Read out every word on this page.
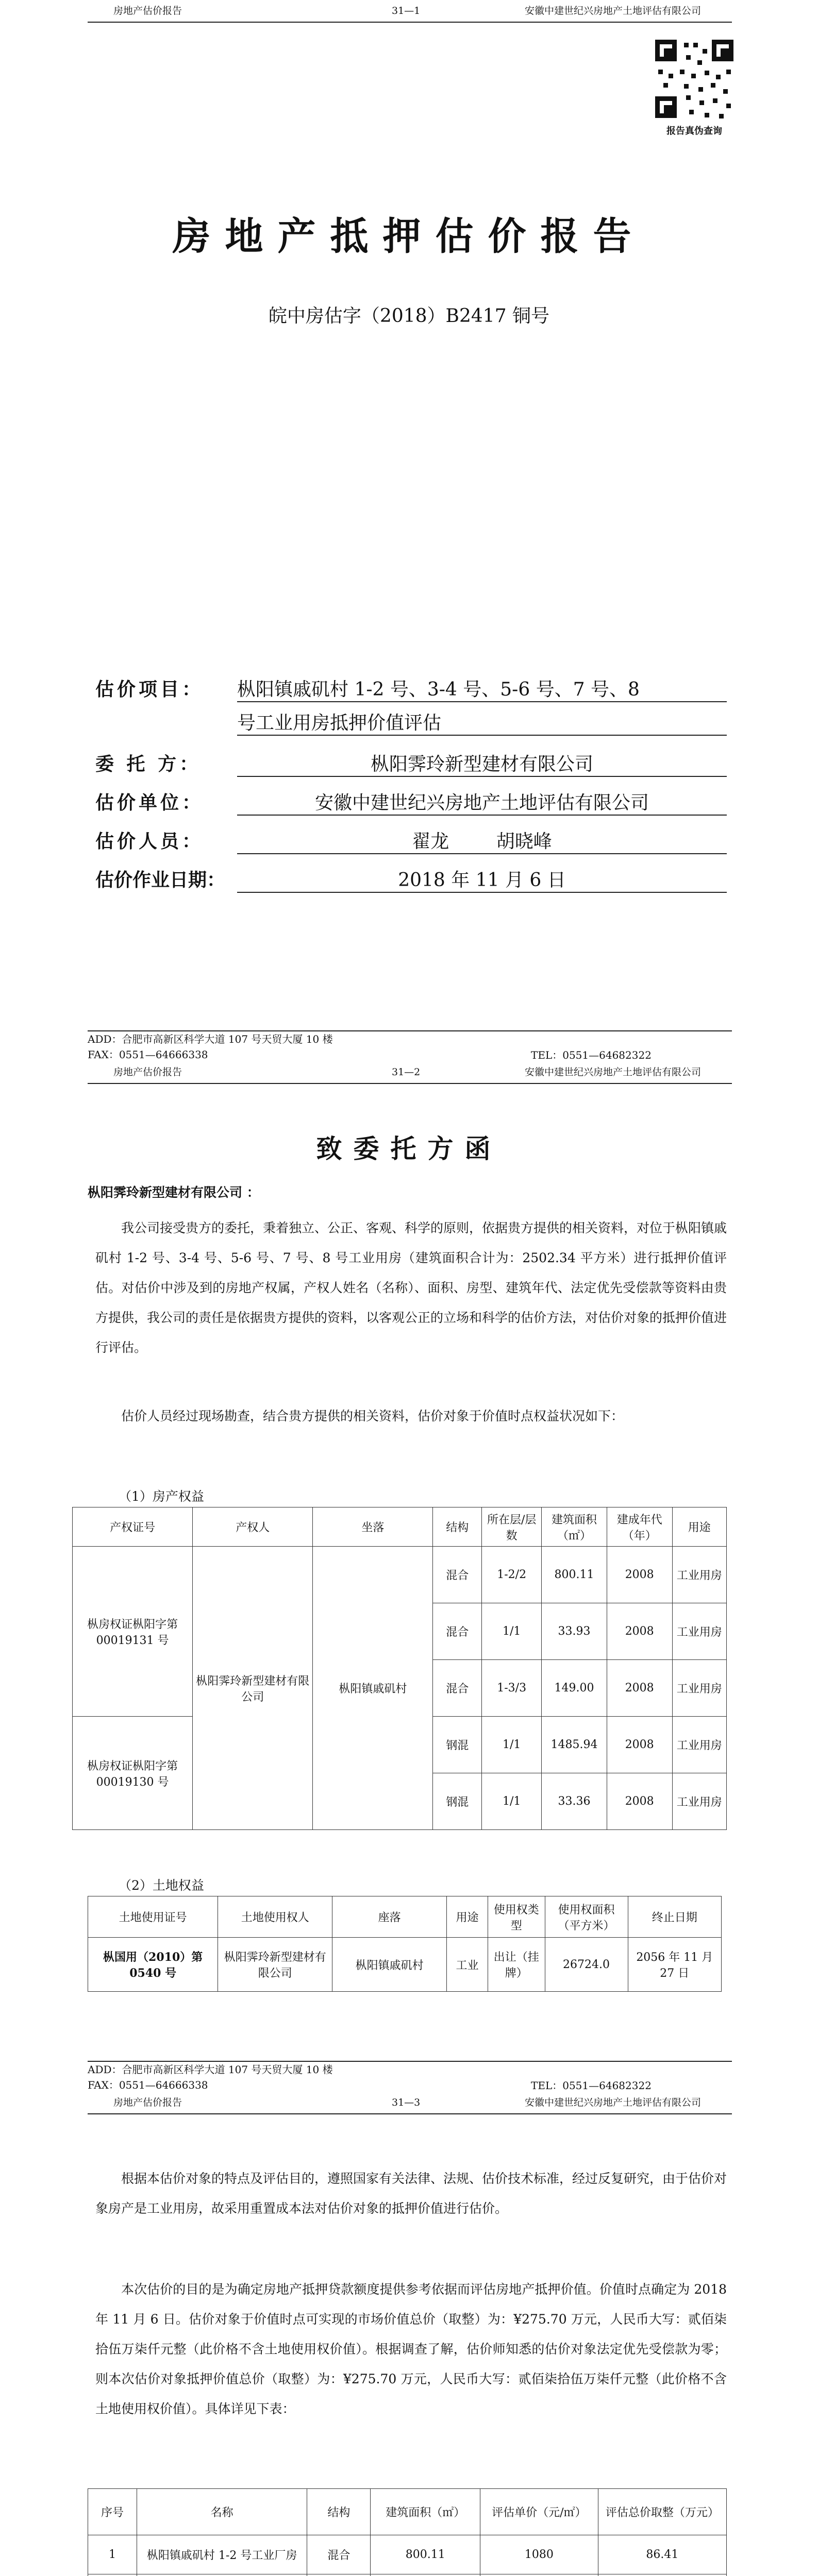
房地产估价报告	31—1	安徽中建世纪兴房地产土地评估有限公司
报告真伪查询
房地产抵押估价报告
皖中房估字（2018）B2417 铜号
估价项目： 枞阳镇戚矶村 1-2 号、3-4 号、5-6 号、7 号、8
号工业用房抵押价值评估
委 托 方：	枞阳霁玲新型建材有限公司
估价单位：	安徽中建世纪兴房地产土地评估有限公司
估价人员：	翟龙        胡晓峰
估价作业日期：	2018 年 11 月 6 日
ADD：合肥市高新区科学大道 107 号天贸大厦 10 楼
FAX：0551—64666338	TEL：0551—64682322
房地产估价报告	31—2	安徽中建世纪兴房地产土地评估有限公司
致委托方函
枞阳霁玲新型建材有限公司 ：
我公司接受贵方的委托，秉着独立、公正、客观、科学的原则，依据贵方提供的相关资料，对位于枞阳镇戚矶村 1-2 号、3-4 号、5-6 号、7 号、8 号工业用房（建筑面积合计为：2502.34 平方米）进行抵押价值评估。对估价中涉及到的房地产权属，产权人姓名（名称）、面积、房型、建筑年代、法定优先受偿款等资料由贵方提供，我公司的责任是依据贵方提供的资料，以客观公正的立场和科学的估价方法，对估价对象的抵押价值进行评估。
估价人员经过现场勘查，结合贵方提供的相关资料，估价对象于价值时点权益状况如下：
（1）房产权益
产权证号	产权人	坐落	结构	所在层/层数	建筑面积（㎡）	建成年代（年）	用途
枞房权证枞阳字第 00019131 号	枞阳霁玲新型建材有限公司	枞阳镇戚矶村	混合	1-2/2	800.11	2008	工业用房
			混合	1/1	33.93	2008	工业用房
			混合	1-3/3	149.00	2008	工业用房
枞房权证枞阳字第 00019130 号			钢混	1/1	1485.94	2008	工业用房
			钢混	1/1	33.36	2008	工业用房
（2）土地权益
土地使用证号	土地使用权人	座落	用途	使用权类型	使用权面积（平方米）	终止日期
枞国用（2010）第 0540 号	枞阳霁玲新型建材有限公司	枞阳镇戚矶村	工业	出让（挂牌）	26724.0	2056 年 11 月 27 日
ADD：合肥市高新区科学大道 107 号天贸大厦 10 楼
FAX：0551—64666338	TEL：0551—64682322
房地产估价报告	31—3	安徽中建世纪兴房地产土地评估有限公司
根据本估价对象的特点及评估目的，遵照国家有关法律、法规、估价技术标准，经过反复研究，由于估价对象房产是工业用房，故采用重置成本法对估价对象的抵押价值进行估价。
本次估价的目的是为确定房地产抵押贷款额度提供参考依据而评估房地产抵押价值。价值时点确定为 2018 年 11 月 6 日。估价对象于价值时点可实现的市场价值总价（取整）为：¥275.70 万元，人民币大写：贰佰柒拾伍万柒仟元整（此价格不含土地使用权价值）。根据调查了解，估价师知悉的估价对象法定优先受偿款为零；则本次估价对象抵押价值总价（取整）为：¥275.70 万元，人民币大写：贰佰柒拾伍万柒仟元整（此价格不含土地使用权价值）。具体详见下表：
序号	名称	结构	建筑面积（㎡）	评估单价（元/㎡）	评估总价取整（万元）
1	枞阳镇戚矶村 1-2 号工业厂房	混合	800.11	1080	86.41
